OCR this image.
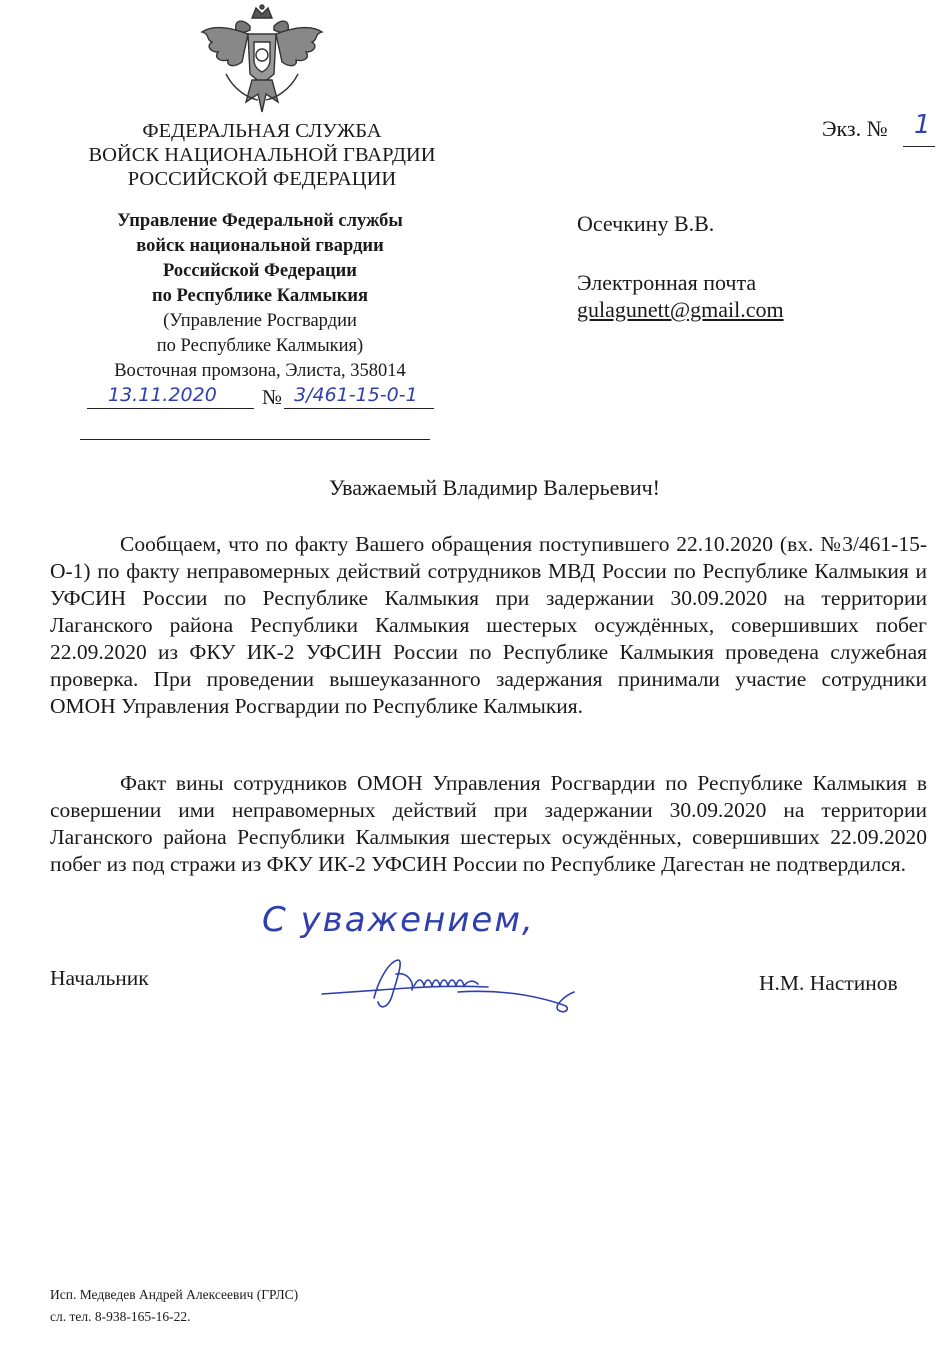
ФЕДЕРАЛЬНАЯ СЛУЖБА
ВОЙСК НАЦИОНАЛЬНОЙ ГВАРДИИ
РОССИЙСКОЙ ФЕДЕРАЦИИ
Управление Федеральной службы
войск национальной гвардии
Российской Федерации
по Республике Калмыкия
(Управление Росгвардии
по Республике Калмыкия)
Восточная промзона, Элиста, 358014
13.11.2020 № 3/461-15-0-1
Экз. № 1
Осечкину В.В.
Электронная почта
gulagunett@gmail.com
Уважаемый Владимир Валерьевич!
Сообщаем, что по факту Вашего обращения поступившего 22.10.2020 (вх. №3/461-15-О-1) по факту неправомерных действий сотрудников МВД России по Республике Калмыкия и УФСИН России по Республике Калмыкия при задержании 30.09.2020 на территории Лаганского района Республики Калмыкия шестерых осуждённых, совершивших побег 22.09.2020 из ФКУ ИК-2 УФСИН России по Республике Калмыкия проведена служебная проверка. При проведении вышеуказанного задержания принимали участие сотрудники ОМОН Управления Росгвардии по Республике Калмыкия.
Факт вины сотрудников ОМОН Управления Росгвардии по Республике Калмыкия в совершении ими неправомерных действий при задержании 30.09.2020 на территории Лаганского района Республики Калмыкия шестерых осуждённых, совершивших 22.09.2020 побег из под стражи из ФКУ ИК-2 УФСИН России по Республике Дагестан не подтвердился.
С уважением,
Начальник	Н.М. Настинов
Исп. Медведев Андрей Алексеевич (ГРЛС)
сл. тел. 8-938-165-16-22.
